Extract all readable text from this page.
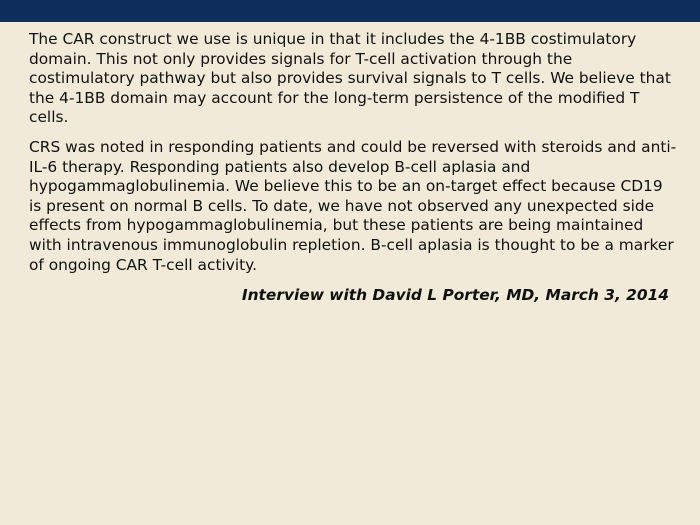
The CAR construct we use is unique in that it includes the 4-1BB costimulatory domain. This not only provides signals for T-cell activation through the costimulatory pathway but also provides survival signals to T cells. We believe that the 4-1BB domain may account for the long-term persistence of the modified T cells.

CRS was noted in responding patients and could be reversed with steroids and anti-IL-6 therapy. Responding patients also develop B-cell aplasia and hypogammaglobulinemia. We believe this to be an on-target effect because CD19 is present on normal B cells. To date, we have not observed any unexpected side effects from hypogammaglobulinemia, but these patients are being maintained with intravenous immunoglobulin repletion. B-cell aplasia is thought to be a marker of ongoing CAR T-cell activity.

Interview with David L Porter, MD, March 3, 2014
